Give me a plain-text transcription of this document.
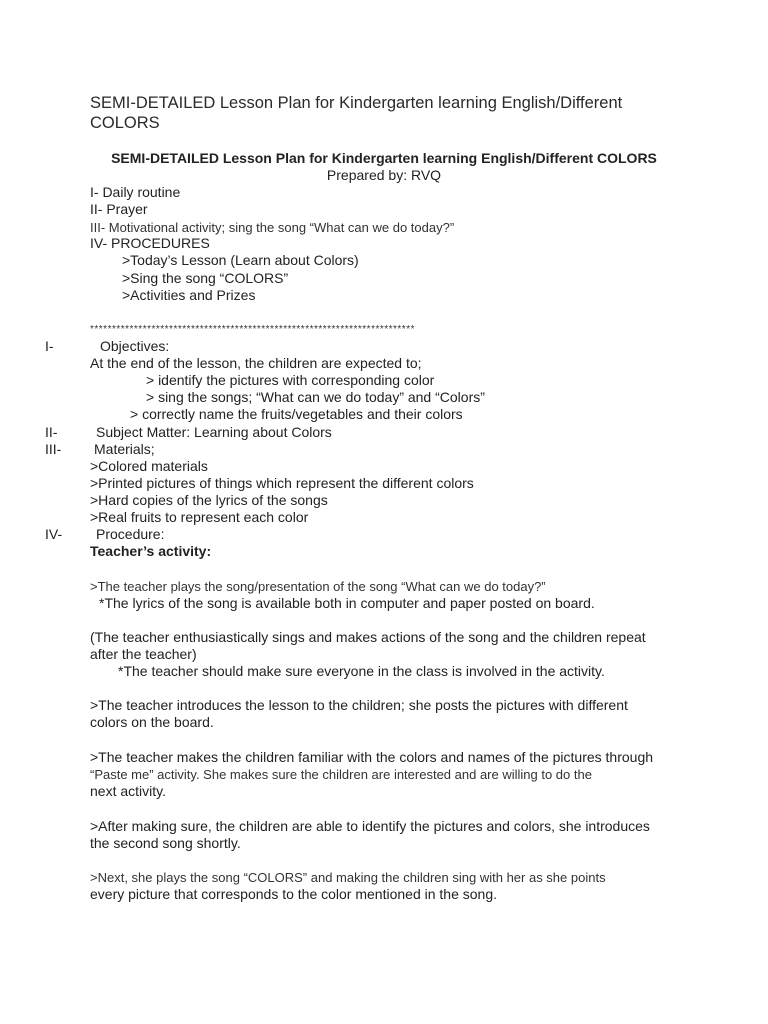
SEMI-DETAILED Lesson Plan for Kindergarten learning English/Different COLORS
SEMI-DETAILED Lesson Plan for Kindergarten learning English/Different COLORS
Prepared by: RVQ
I- Daily routine
II- Prayer
III- Motivational activity; sing the song “What can we do today?”
IV- PROCEDURES
>Today’s Lesson (Learn about Colors)
>Sing the song “COLORS”
>Activities and Prizes
**************************************************************************
I-	Objectives:
At the end of the lesson, the children are expected to;
> identify the pictures with corresponding color
> sing the songs; “What can we do today” and “Colors”
> correctly name the fruits/vegetables and their colors
II-	Subject Matter: Learning about Colors
III- Materials;
>Colored materials
>Printed pictures of things which represent the different colors
>Hard copies of the lyrics of the songs
>Real fruits to represent each color
IV- Procedure:
Teacher’s activity:
>The teacher plays the song/presentation of the song “What can we do today?”
*The lyrics of the song is available both in computer and paper posted on board.
(The teacher enthusiastically sings and makes actions of the song and the children repeat
after the teacher)
*The teacher should make sure everyone in the class is involved in the activity.
>The teacher introduces the lesson to the children; she posts the pictures with different
colors on the board.
>The teacher makes the children familiar with the colors and names of the pictures through
“Paste me” activity. She makes sure the children are interested and are willing to do the
next activity.
>After making sure, the children are able to identify the pictures and colors, she introduces
the second song shortly.
>Next, she plays the song “COLORS” and making the children sing with her as she points
every picture that corresponds to the color mentioned in the song.
